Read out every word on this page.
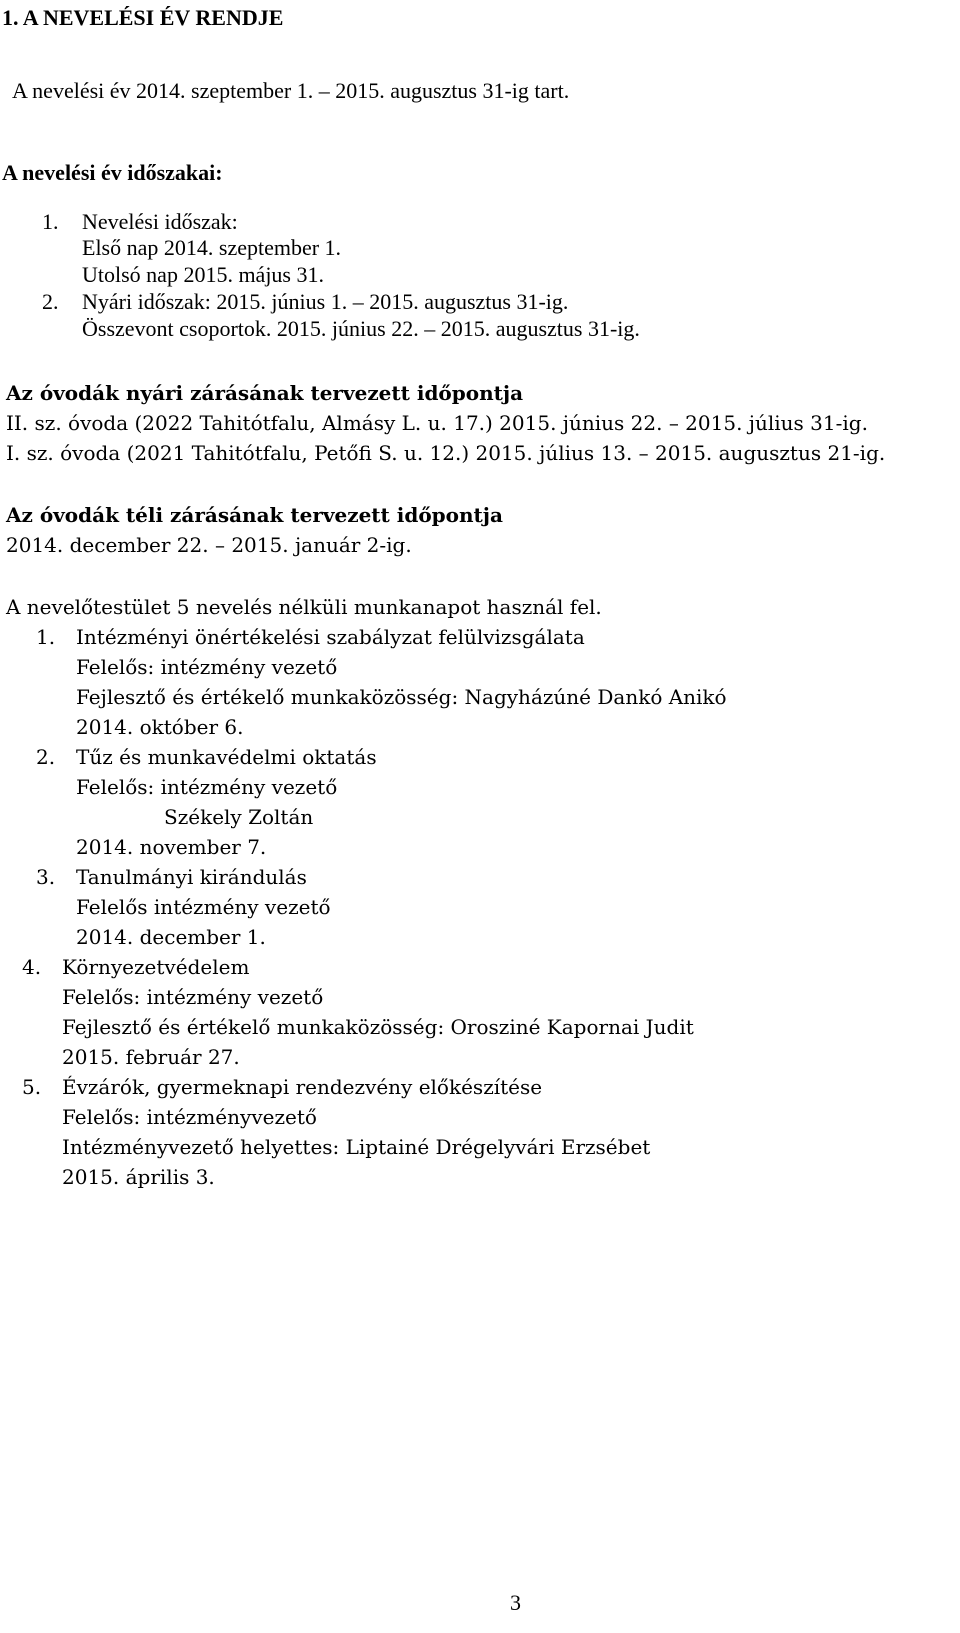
1. A NEVELÉSI ÉV RENDJE
A nevelési év 2014. szeptember 1. – 2015. augusztus 31-ig tart.
A nevelési év időszakai:
1. Nevelési időszak:
Első nap 2014. szeptember 1.
Utolsó nap 2015. május 31.
2. Nyári időszak: 2015. június 1. – 2015. augusztus 31-ig.
Összevont csoportok. 2015. június 22. – 2015. augusztus 31-ig.
Az óvodák nyári zárásának tervezett időpontja
II. sz. óvoda (2022 Tahitótfalu, Almásy L. u. 17.) 2015. június 22. – 2015. július 31-ig.
I. sz. óvoda (2021 Tahitótfalu, Petőfi S. u. 12.) 2015. július 13. – 2015. augusztus 21-ig.
Az óvodák téli zárásának tervezett időpontja
2014. december 22. – 2015. január 2-ig.
A nevelőtestület 5 nevelés nélküli munkanapot használ fel.
1. Intézményi önértékelési szabályzat felülvizsgálata
Felelős: intézmény vezető
Fejlesztő és értékelő munkaközösség: Nagyházúné Dankó Anikó
2014. október 6.
2. Tűz és munkavédelmi oktatás
Felelős: intézmény vezető
Székely Zoltán
2014. november 7.
3. Tanulmányi kirándulás
Felelős intézmény vezető
2014. december 1.
4. Környezetvédelem
Felelős: intézmény vezető
Fejlesztő és értékelő munkaközösség: Orosziné Kapornai Judit
2015. február 27.
5. Évzárók, gyermeknapi rendezvény előkészítése
Felelős: intézményvezető
Intézményvezető helyettes: Liptainé Drégelyvári Erzsébet
2015. április 3.
3
